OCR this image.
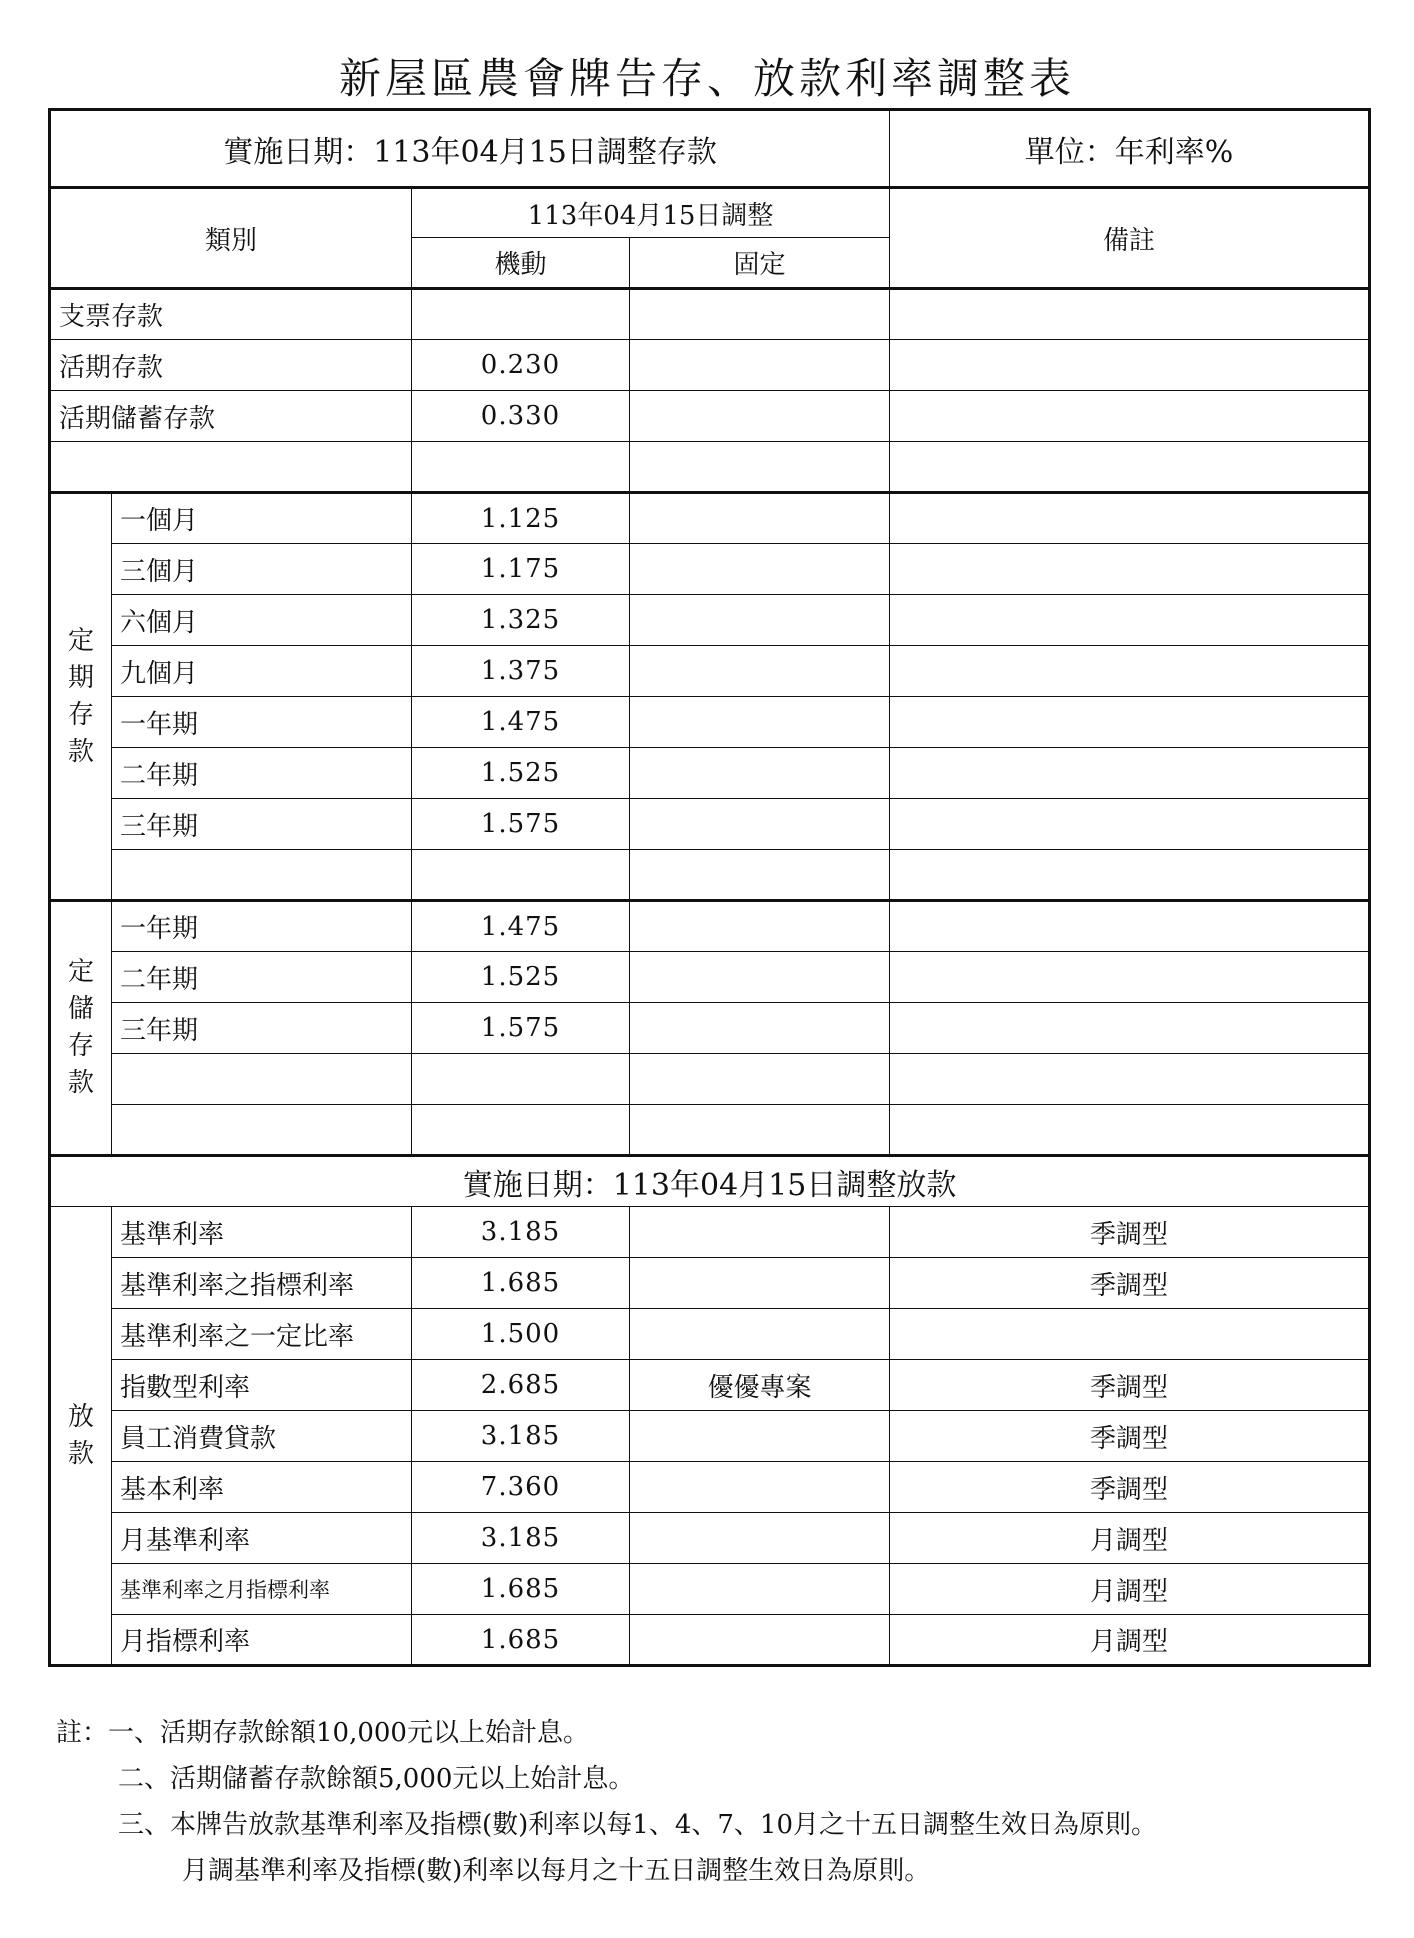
新屋區農會牌告存、放款利率調整表
實施日期：113年04月15日調整存款				單位：年利率%
類別		113年04月15日調整		備註
		機動	固定	
支票存款				
活期存款		0.230		
活期儲蓄存款		0.330		

定
期
存
款	一個月	1.125		
	三個月	1.175		
	六個月	1.325		
	九個月	1.375		
	一年期	1.475		
	二年期	1.525		
	三年期	1.575		

定
儲
存
款	一年期	1.475		
	二年期	1.525		
	三年期	1.575		

實施日期：113年04月15日調整放款				
放
款	基準利率	3.185		季調型
	基準利率之指標利率	1.685		季調型
	基準利率之一定比率	1.500		
	指數型利率	2.685	優優專案	季調型
	員工消費貸款	3.185		季調型
	基本利率	7.360		季調型
	月基準利率	3.185		月調型
	基準利率之月指標利率	1.685		月調型
	月指標利率	1.685		月調型
註：一、活期存款餘額10,000元以上始計息。
二、活期儲蓄存款餘額5,000元以上始計息。
三、本牌告放款基準利率及指標(數)利率以每1、4、7、10月之十五日調整生效日為原則。
月調基準利率及指標(數)利率以每月之十五日調整生效日為原則。
